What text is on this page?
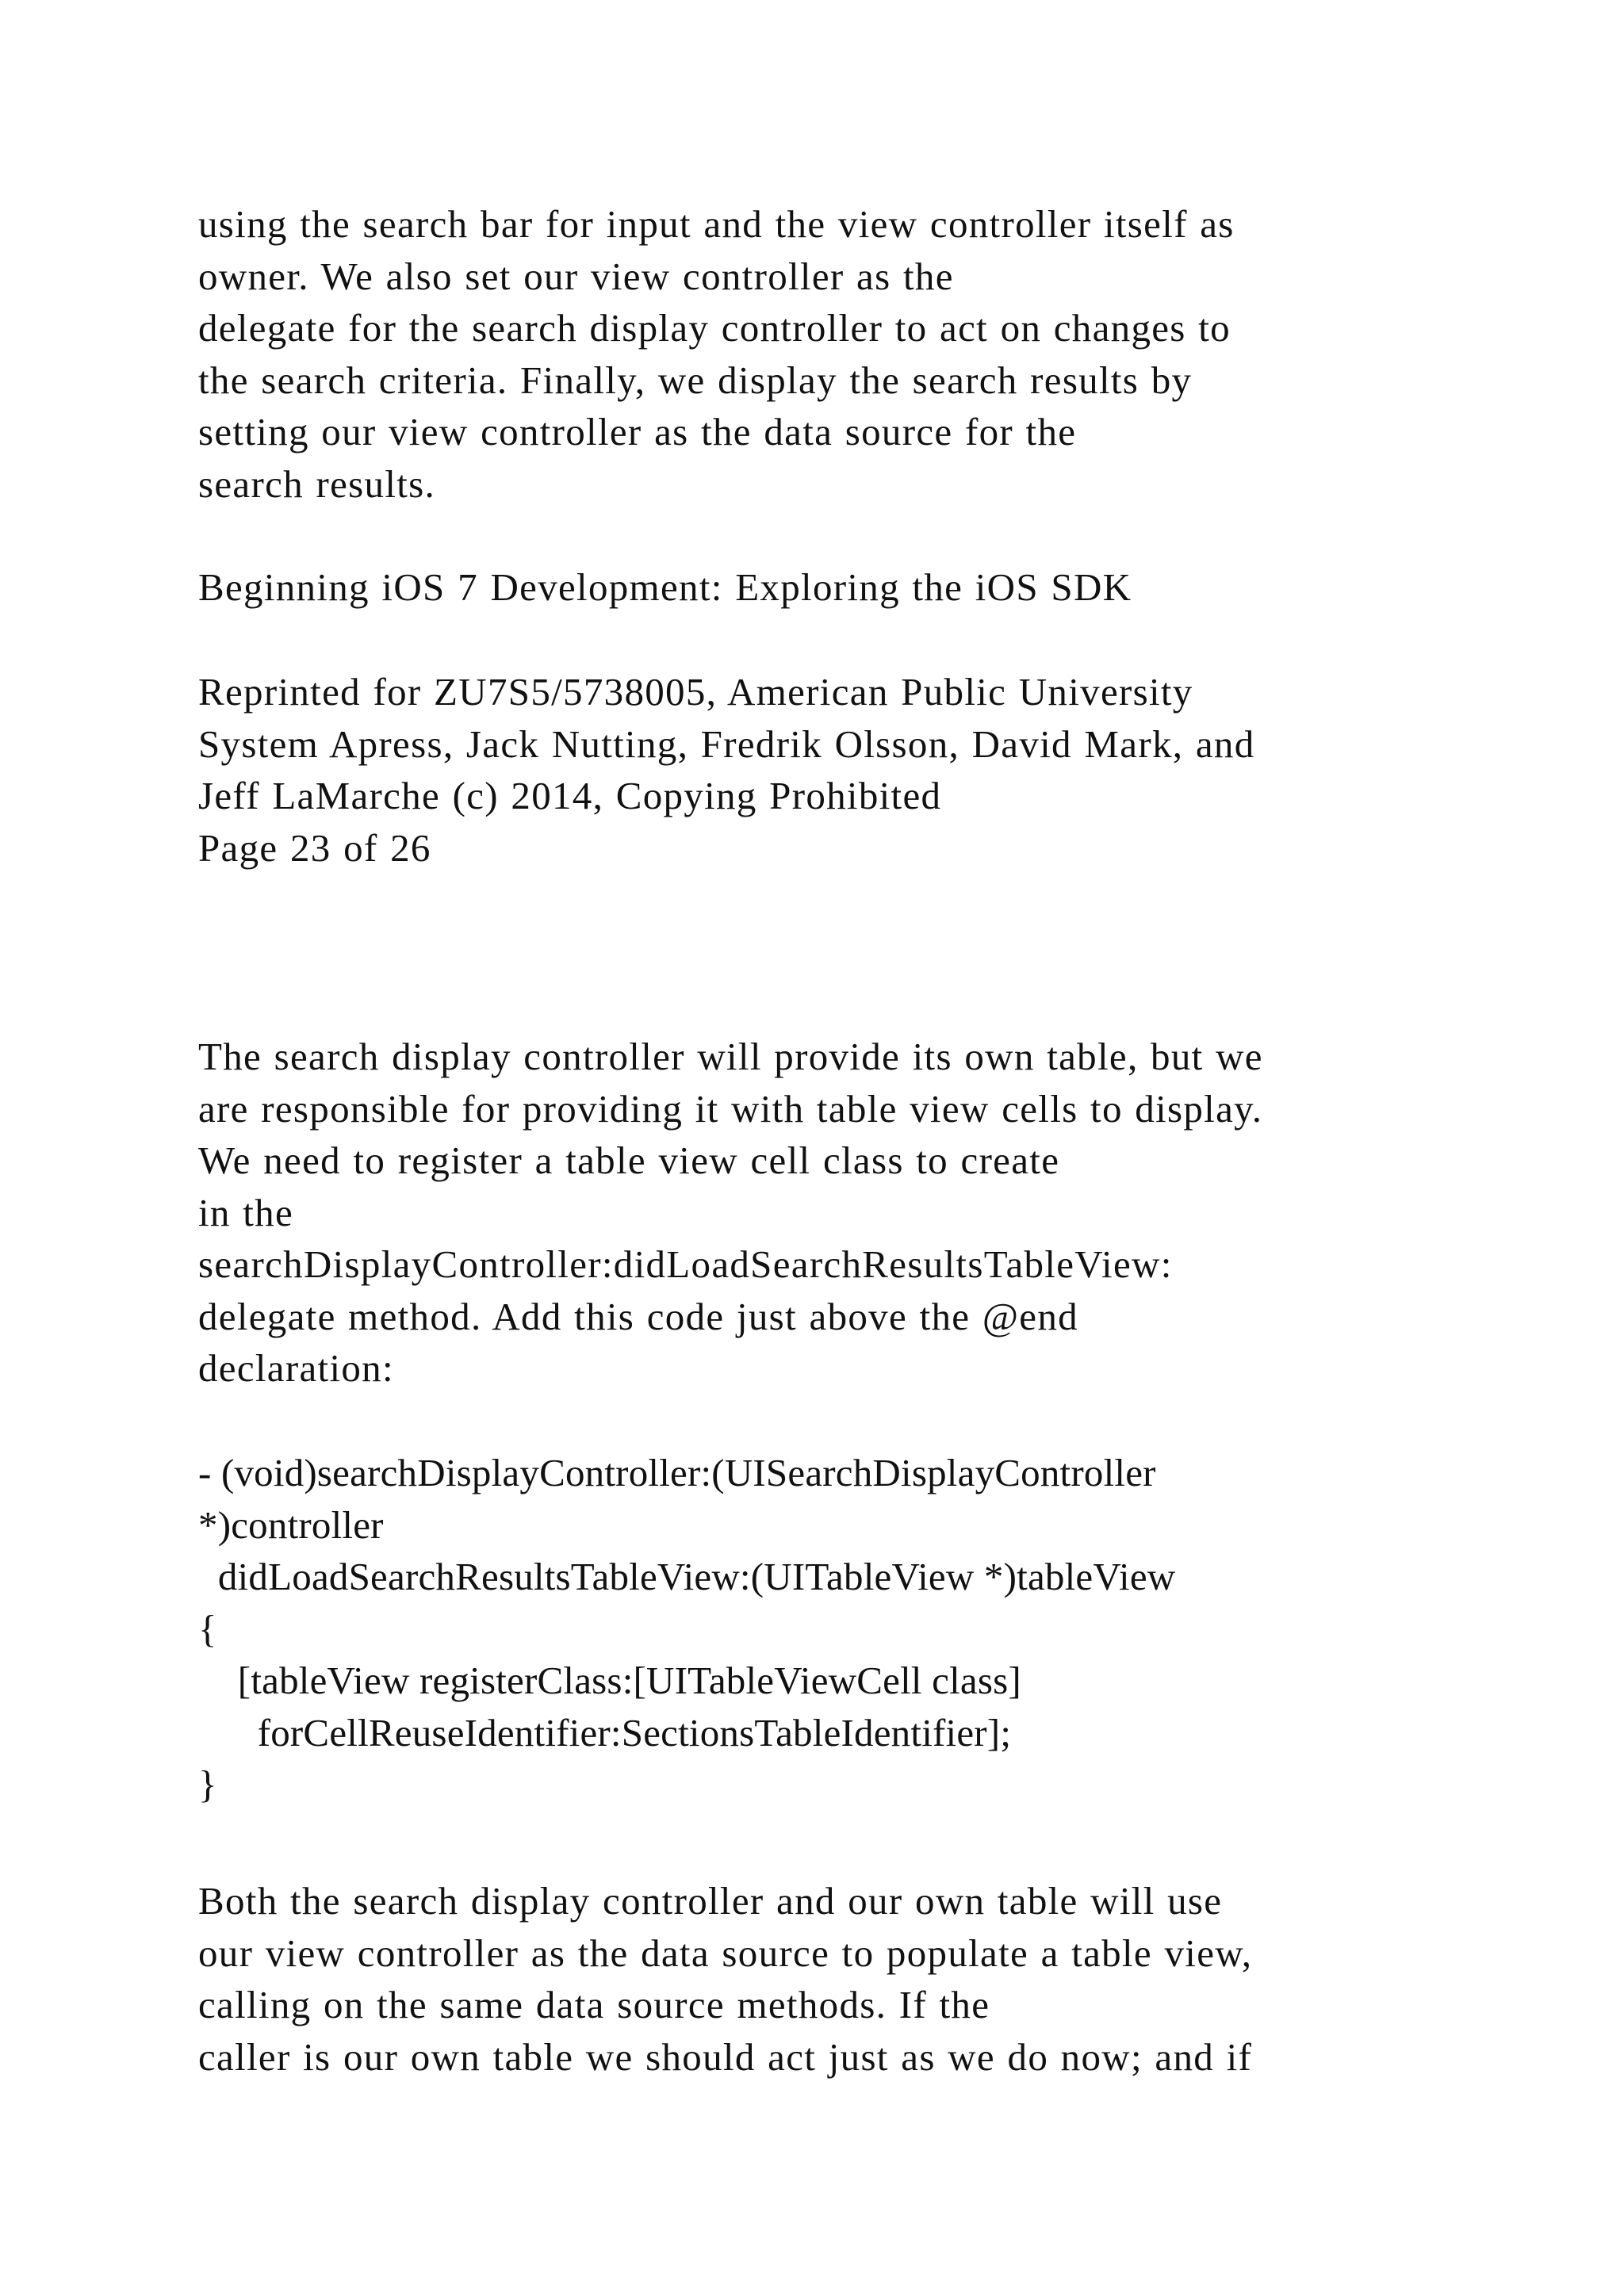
using the search bar for input and the view controller itself as
owner. We also set our view controller as the
delegate for the search display controller to act on changes to
the search criteria. Finally, we display the search results by
setting our view controller as the data source for the
search results.
Beginning iOS 7 Development: Exploring the iOS SDK
Reprinted for ZU7S5/5738005, American Public University
System Apress, Jack Nutting, Fredrik Olsson, David Mark, and
Jeff LaMarche (c) 2014, Copying Prohibited
Page 23 of 26
The search display controller will provide its own table, but we
are responsible for providing it with table view cells to display.
We need to register a table view cell class to create
in the
searchDisplayController:didLoadSearchResultsTableView:
delegate method. Add this code just above the @end
declaration:
- (void)searchDisplayController:(UISearchDisplayController
*)controller
didLoadSearchResultsTableView:(UITableView *)tableView
{
[tableView registerClass:[UITableViewCell class]
forCellReuseIdentifier:SectionsTableIdentifier];
}
Both the search display controller and our own table will use
our view controller as the data source to populate a table view,
calling on the same data source methods. If the
caller is our own table we should act just as we do now; and if
